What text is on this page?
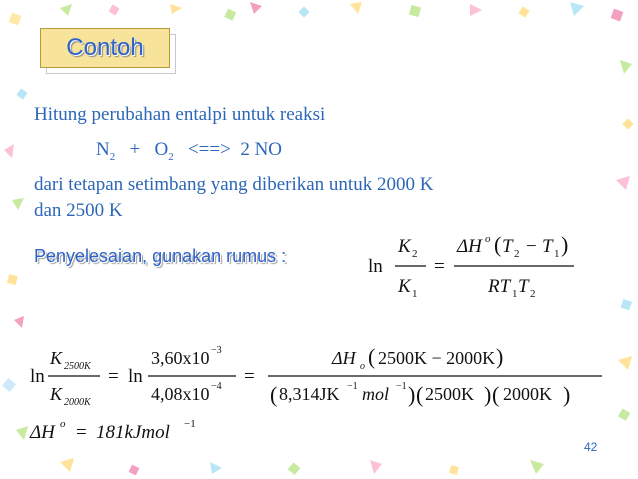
Contoh
Hitung perubahan entalpi untuk reaksi
$N_2 + O_2$ <==> 2 NO
dari tetapan setimbang yang diberikan untuk 2000 K
dan 2500 K
Penyelesaian, gunakan rumus :	ln
K 2
K 1
=
ΔH o ( T 2 − T 1 )
RT 1 T 2
ln
K 2500K
K 2000K
= ln
3,60x10 −3
4,08x10 −4 =
ΔH o ( 2500K − 2000K )
( 8,314JK −1 mol −1 ) ( 2500K ) ( 2000K )
ΔH o = 181kJmol −1
42
